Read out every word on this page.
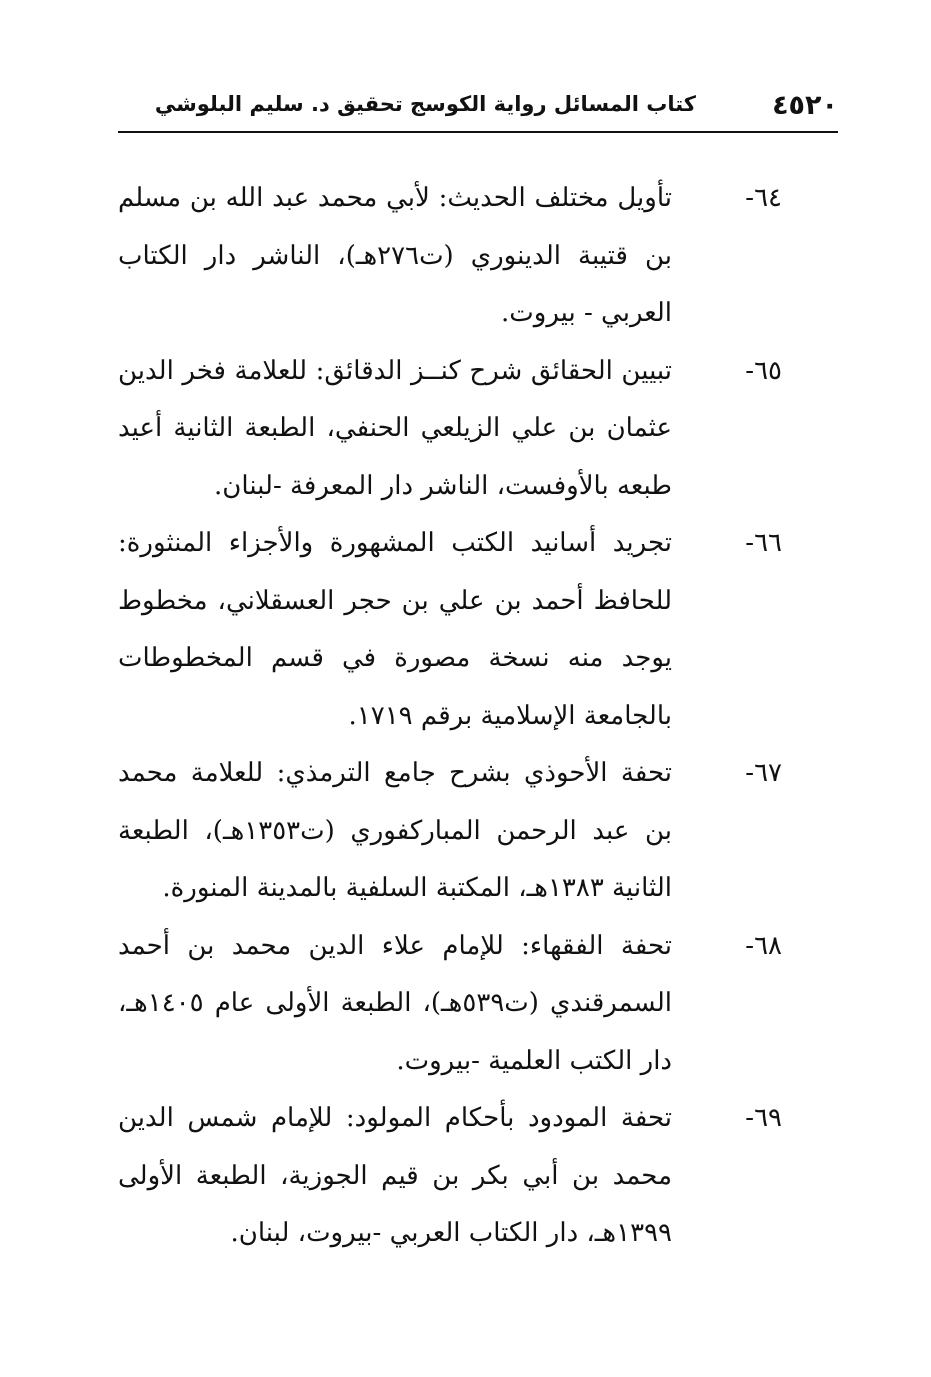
٤٥٢٠
كتاب المسائل رواية الكوسج تحقيق د. سليم البلوشي
٦٤-
تأويل مختلف الحديث: لأبي محمد عبد الله بن مسلم بن قتيبة الدينوري (ت٢٧٦هـ)، الناشر دار الكتاب العربي - بيروت.
٦٥-
تبيين الحقائق شرح كنــز الدقائق: للعلامة فخر الدين عثمان بن علي الزيلعي الحنفي، الطبعة الثانية أعيد طبعه بالأوفست، الناشر دار المعرفة -لبنان.
٦٦-
تجريد أسانيد الكتب المشهورة والأجزاء المنثورة: للحافظ أحمد بن علي بن حجر العسقلاني، مخطوط يوجد منه نسخة مصورة في قسم المخطوطات بالجامعة الإسلامية برقم ١٧١٩.
٦٧-
تحفة الأحوذي بشرح جامع الترمذي: للعلامة محمد بن عبد الرحمن المباركفوري (ت١٣٥٣هـ)، الطبعة الثانية ١٣٨٣هـ، المكتبة السلفية بالمدينة المنورة.
٦٨-
تحفة الفقهاء: للإمام علاء الدين محمد بن أحمد السمرقندي (ت٥٣٩هـ)، الطبعة الأولى عام ١٤٠٥هـ، دار الكتب العلمية -بيروت.
٦٩-
تحفة المودود بأحكام المولود: للإمام شمس الدين محمد بن أبي بكر بن قيم الجوزية، الطبعة الأولى ١٣٩٩هـ، دار الكتاب العربي -بيروت، لبنان.
